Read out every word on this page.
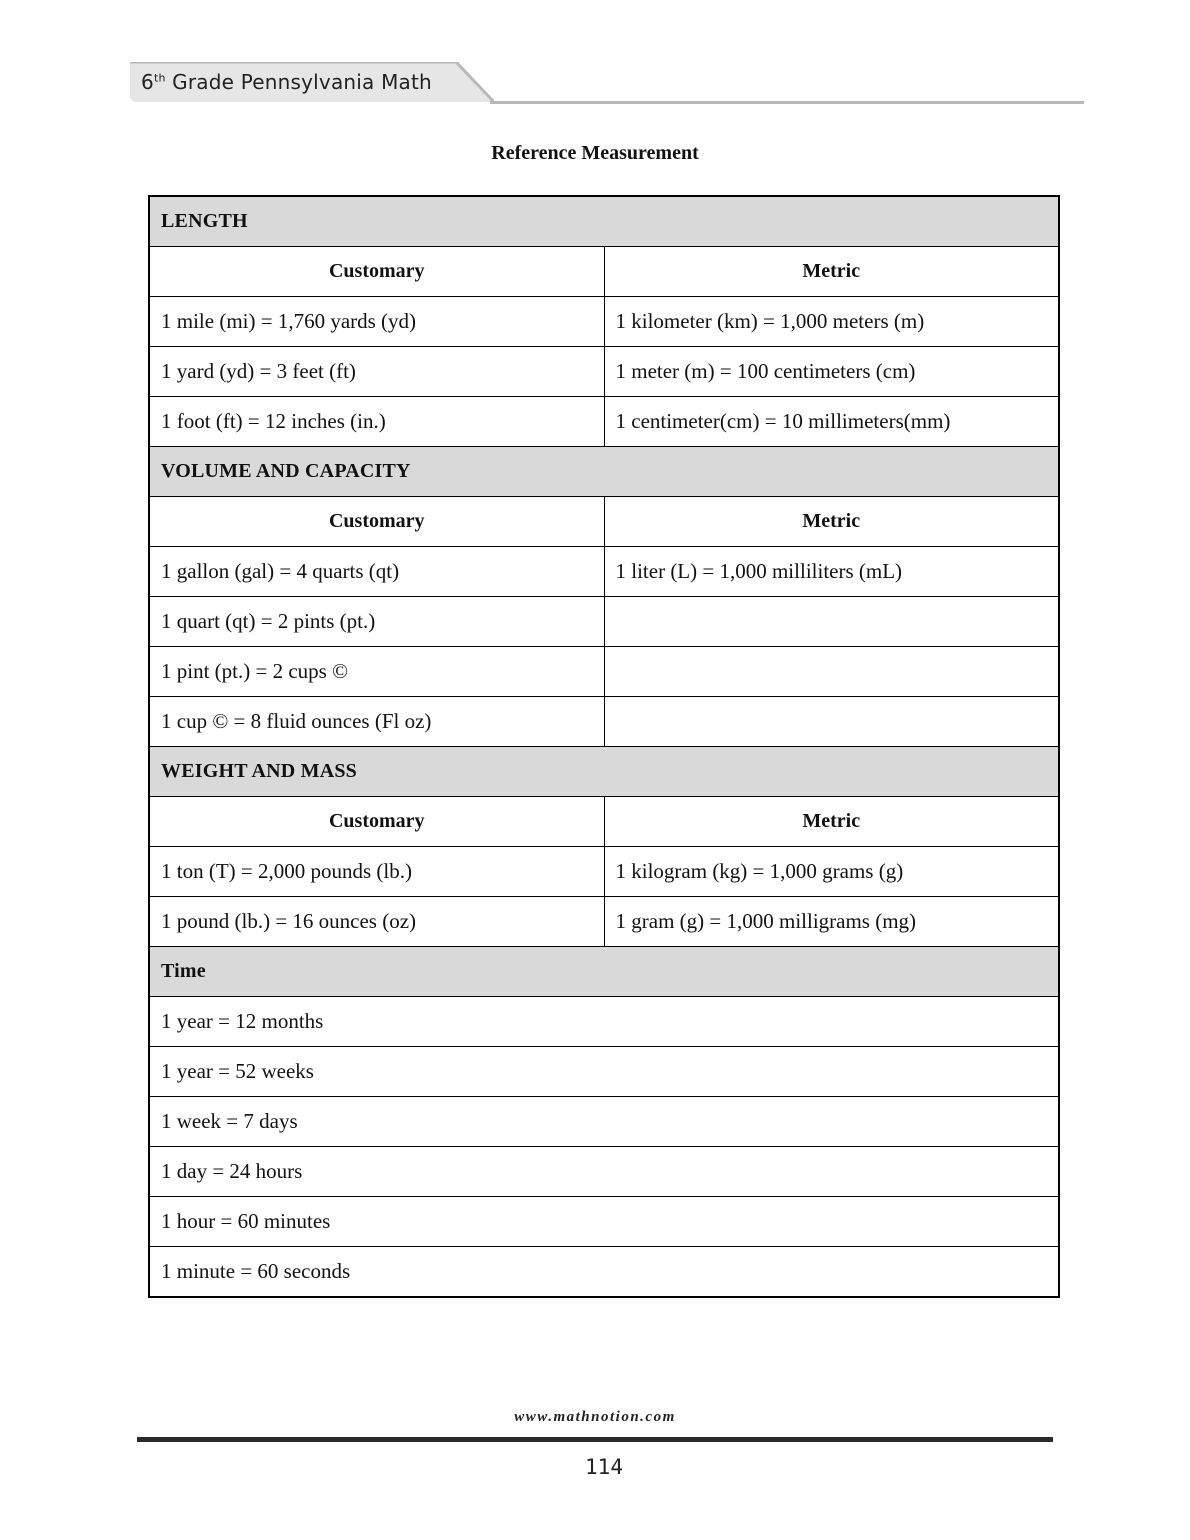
6th Grade Pennsylvania Math
Reference Measurement
LENGTH	
Customary	Metric
1 mile (mi) = 1,760 yards (yd)	1 kilometer (km) = 1,000 meters (m)
1 yard (yd) = 3 feet (ft)	1 meter (m) = 100 centimeters (cm)
1 foot (ft) = 12 inches (in.)	1 centimeter(cm) = 10 millimeters(mm)
VOLUME AND CAPACITY	
Customary	Metric
1 gallon (gal) = 4 quarts (qt)	1 liter (L) = 1,000 milliliters (mL)
1 quart (qt) = 2 pints (pt.)	
1 pint (pt.) = 2 cups ©	
1 cup © = 8 fluid ounces (Fl oz)	
WEIGHT AND MASS	
Customary	Metric
1 ton (T) = 2,000 pounds (lb.)	1 kilogram (kg) = 1,000 grams (g)
1 pound (lb.) = 16 ounces (oz)	1 gram (g) = 1,000 milligrams (mg)
Time	
1 year = 12 months	
1 year = 52 weeks	
1 week = 7 days	
1 day = 24 hours	
1 hour = 60 minutes	
1 minute = 60 seconds	
www.mathnotion.com
114
